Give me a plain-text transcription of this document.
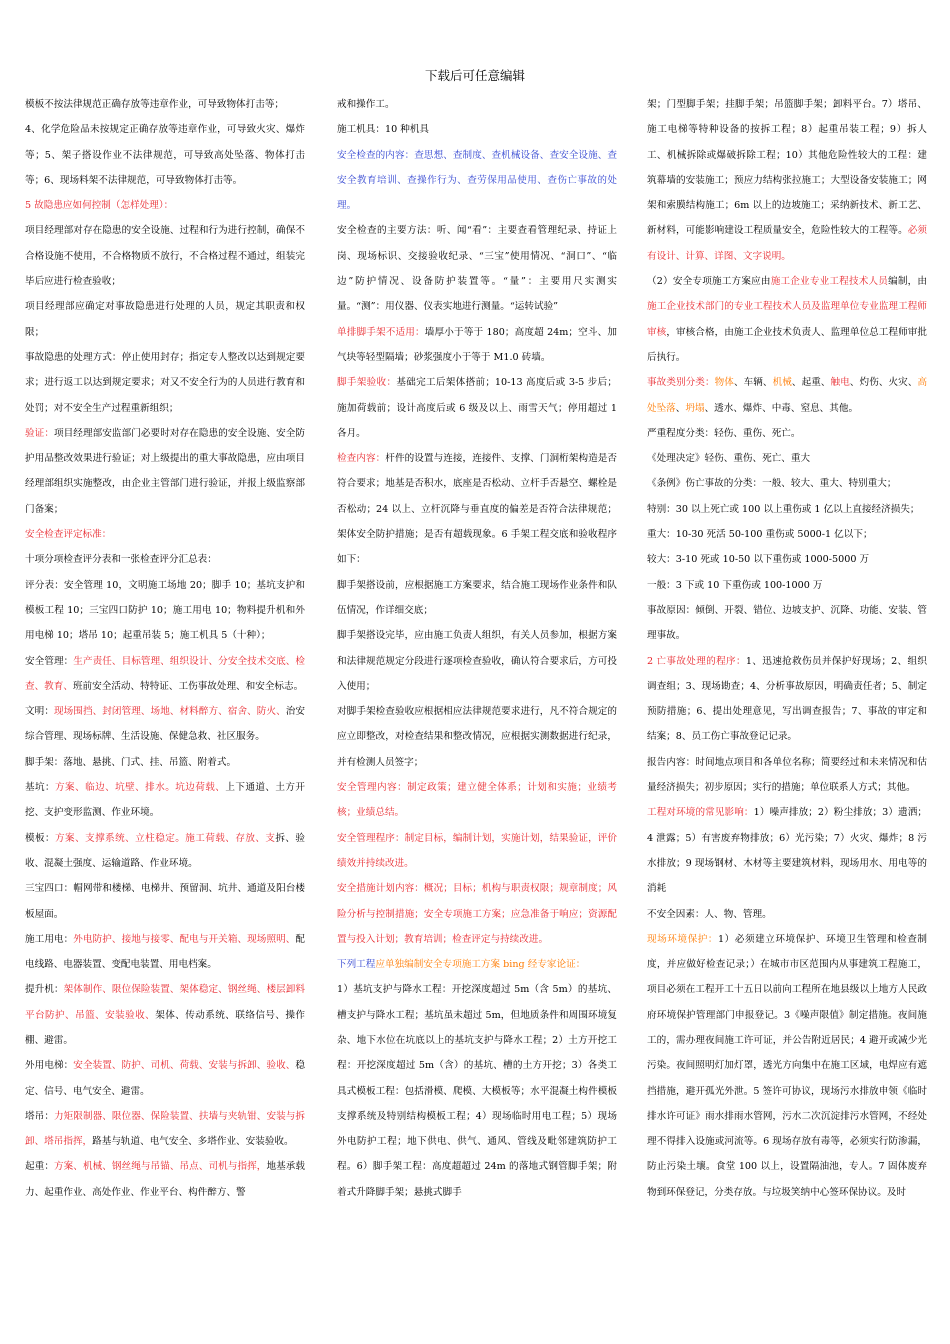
下载后可任意编辑

模板不按法律规范正确存放等违章作业，可导致物体打击等；

4、化学危险品未按规定正确存放等违章作业，可导致火灾、爆炸等；5、架子搭设作业不法律规范，可导致高处坠落、物体打击等；6、现场料架不法律规范，可导致物体打击等。

5 故隐患应如何控制（怎样处理）：

项目经理部对存在隐患的安全设施、过程和行为进行控制，确保不合格设施不使用，不合格物质不放行，不合格过程不通过，组装完毕后应进行检查验收；

项目经理部应确定对事故隐患进行处理的人员，规定其职责和权限；

事故隐患的处理方式：停止使用封存；指定专人整改以达到规定要求；进行返工以达到规定要求；对又不安全行为的人员进行教育和处罚；对不安全生产过程重新组织；

验证：项目经理部安监部门必要时对存在隐患的安全设施、安全防护用品整改效果进行验证；对上级提出的重大事故隐患，应由项目经理部组织实施整改，由企业主管部门进行验证，并报上级监察部门备案；

安全检查评定标准：

十项分项检查评分表和一张检查评分汇总表：

评分表：安全管理 10，文明施工场地 20；脚手 10；基坑支护和模板工程 10；三宝四口防护 10；施工用电 10；物料提升机和外用电梯 10；塔吊 10；起重吊装 5；施工机具 5（十种）；

安全管理：生产责任、目标管理、组织设计、分安全技术交底、检查、教育、班前安全活动、特特证、工伤事故处理、和安全标志。

文明：现场围挡、封闭管理、场地、材料醉方、宿舍、防火、治安综合管理、现场标牌、生活设施、保健急救、社区服务。

脚手架：落地、悬挑、门式、挂、吊篮、附着式。

基坑：方案、临边、坑壁、排水。坑边荷载、上下通道、土方开挖、支护变形监测、作业环境。

模板：方案、支撑系统、立柱稳定。施工荷载、存放、支拆、验收、混凝土强度、运输道路、作业环境。

三宝四口：帽网带和楼梯、电梯井、预留洞、坑井、通道及阳台楼板屋面。

施工用电：外电防护、接地与接零、配电与开关箱、现场照明、配电线路、电器装置、变配电装置、用电档案。

提升机：架体制作、限位保险装置、架体稳定、钢丝绳、楼层卸料平台防护、吊篮、安装验收、架体、传动系统、联络信号、操作棚、避雷。

外用电梯：安全装置、防护、司机、荷载、安装与拆卸、验收、稳定、信号、电气安全、避雷。

塔吊：力矩限制器、限位器、保险装置、扶墙与夹轨钳、安装与拆卸、塔吊指挥，路基与轨道、电气安全、多塔作业、安装验收。

起重：方案、机械、钢丝绳与吊锚、吊点、司机与指挥，地基承载力、起重作业、高处作业、作业平台、构件醉方、警

戒和操作工。

施工机具：10 种机具

安全检查的内容：查思想、查制度、查机械设备、查安全设施、查安全教育培训、查操作行为、查劳保用品使用、查伤亡事故的处理。

安全检查的主要方法：听、闻“看”：主要查看管理纪录、持证上岗、现场标识、交接验收纪录、“三宝”使用情况、“洞口”、“临边”防护情况、设备防护装置等。“量”：主要用尺实测实量。“测”：用仪器、仪表实地进行测量。“运转试验”

单排脚手架不适用：墙厚小于等于 180；高度超 24m；空斗、加气块等轻型隔墙；砂浆强度小于等于 M1.0 砖墙。

脚手架验收：基础完工后架体搭前；10-13 高度后或 3-5 步后；施加荷载前；设计高度后或 6 级及以上、雨雪天气；停用超过 1 各月。

检查内容：杆件的设置与连接，连接件、支撑、门洞桁架构造是否符合要求；地基是否积水，底座是否松动、立杆手否悬空、螺栓是否松动；24 以上、立杆沉降与垂直度的偏差是否符合法律规范；架体安全防护措施；是否有超载现象。6 手架工程交底和验收程序如下：

脚手架搭设前，应根据施工方案要求，结合施工现场作业条件和队伍情况，作详细交底；

脚手架搭设完毕，应由施工负责人组织，有关人员参加，根据方案和法律规范规定分段进行逐项检查验收，确认符合要求后，方可投入使用；

对脚手架检查验收应根据相应法律规范要求进行，凡不符合规定的应立即整改，对检查结果和整改情况，应根据实测数据进行纪录，并有检测人员签字；

安全管理内容：制定政策；建立健全体系；计划和实施；业绩考核；业绩总结。

安全管理程序：制定目标，编制计划，实施计划，结果验证，评价绩效并持续改进。

安全措施计划内容：概况；目标；机构与职责权限；规章制度；风险分析与控制措施；安全专项施工方案；应急准备于响应；资源配置与投入计划；教育培训；检查评定与持续改进。

下列工程应单独编制安全专项施工方案 bing 经专家论证：

1）基坑支护与降水工程：开挖深度超过 5m（含 5m）的基坑、槽支护与降水工程；基坑虽未超过 5m，但地质条件和周围环境复杂、地下水位在坑底以上的基坑支护与降水工程；2）土方开挖工程：开挖深度超过 5m（含）的基坑、槽的土方开挖；3）各类工具式模板工程：包括滑模、爬模、大模板等；水平混凝土构件模板支撑系统及特别结构模板工程；4）现场临时用电工程；5）现场外电防护工程；地下供电、供气、通风、管线及毗邻建筑防护工程。6）脚手架工程：高度超超过 24m 的落地式钢管脚手架；附着式升降脚手架；悬挑式脚手

架；门型脚手架；挂脚手架；吊篮脚手架；卸料平台。7）塔吊、施工电梯等特种设备的按拆工程；8）起重吊装工程；9）拆人工、机械拆除或爆破拆除工程；10）其他危险性较大的工程：建筑幕墙的安装施工；预应力结构张拉施工；大型设备安装施工；网架和索膜结构施工；6m 以上的边坡施工；采纳新技术、新工艺、新材料，可能影响建设工程质量安全，危险性较大的工程等。必须有设计、计算、详图、文字说明。

（2）安全专项施工方案应由施工企业专业工程技术人员编制，由施工企业技术部门的专业工程技术人员及监理单位专业监理工程师审核，审核合格，由施工企业技术负责人、监理单位总工程师审批后执行。

事故类别分类：物体、车辆、机械、起重、触电、灼伤、火灾、高处坠落、坍塌、透水、爆炸、中毒、窒息、其他。

严重程度分类：轻伤、重伤、死亡。

《处理决定》轻伤、重伤、死亡、重大

《条例》伤亡事故的分类：一般、较大、重大、特别重大；

特别：30 以上死亡或 100 以上重伤或 1 亿以上直接经济损失；

重大：10-30 死活 50-100 重伤或 5000-1 亿以下；

较大：3-10 死或 10-50 以下重伤或 1000-5000 万

一般：3 下或 10 下重伤或 100-1000 万

事故原因：倾倒、开裂、错位、边坡支护、沉降、功能、安装、管理事故。

2 亡事故处理的程序：1、迅速抢救伤员并保护好现场；2、组织调查组；3、现场勘查；4、分析事故原因，明确责任者；5、制定预防措施；6、提出处理意见，写出调查报告；7、事故的审定和结案；8、员工伤亡事故登记记录。

报告内容：时间地点项目和各单位名称；简要经过和未来情况和估量经济损失；初步原因；实行的措施；单位联系人方式；其他。

工程对环境的常见影响：1）噪声排放；2）粉尘排放；3）遗洒；4 泄露；5）有害废弃物排放；6）光污染；7）火灾、爆炸；8 污水排放；9 现场钢材、木材等主要建筑材料，现场用水、用电等的消耗

不安全因素：人、物、管理。

现场环境保护：1）必须建立环境保护、环境卫生管理和检查制度，并应做好检查记录；）在城市市区范围内从事建筑工程施工，项目必须在工程开工十五日以前向工程所在地县级以上地方人民政府环境保护管理部门申报登记。3《噪声限值》制定措施。夜间施工的，需办理夜间施工许可证，并公告附近居民；4 避开或减少光污染。夜间照明灯加灯罩，透光方向集中在施工区域，电焊应有遮挡措施，避开孤光外泄。5 签许可协议，现场污水排放申领《临时排水许可证》雨水排雨水管网，污水二次沉淀排污水管网，不经处理不得排入设施或河流等。6 现场存放有毒等，必须实行防渗漏，防止污染土壤。食堂 100 以上，设置隔油池，专人。7 固体废弃物到环保登记，分类存放。与垃圾笑纳中心签环保协议。及时
